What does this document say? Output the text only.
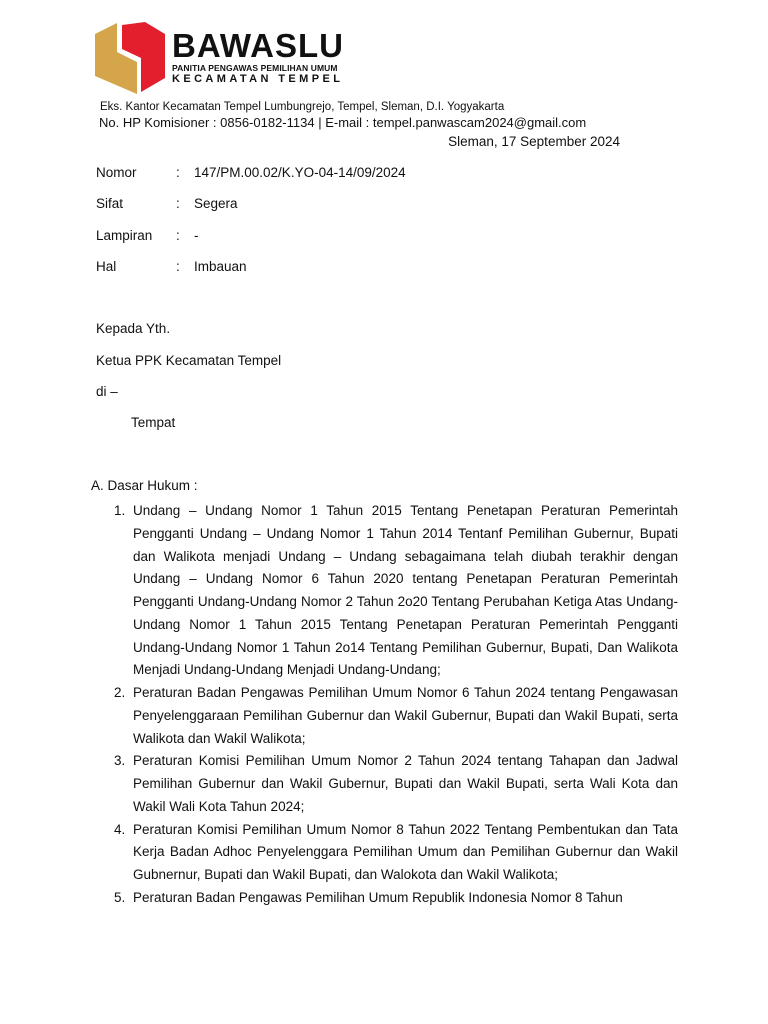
BAWASLU
PANITIA PENGAWAS PEMILIHAN UMUM
KECAMATAN TEMPEL
Eks. Kantor Kecamatan Tempel Lumbungrejo, Tempel, Sleman, D.I. Yogyakarta
No. HP Komisioner : 0856-0182-1134 | E-mail : tempel.panwascam2024@gmail.com
Sleman, 17 September 2024
Nomor	: 147/PM.00.02/K.YO-04-14/09/2024
Sifat	: Segera
Lampiran : -
Hal	: Imbauan
Kepada Yth.
Ketua PPK Kecamatan Tempel
di –
Tempat
A. Dasar Hukum :
1. Undang – Undang Nomor 1 Tahun 2015 Tentang Penetapan Peraturan Pemerintah Pengganti Undang – Undang Nomor 1 Tahun 2014 Tentanf Pemilihan Gubernur, Bupati dan Walikota menjadi Undang – Undang sebagaimana telah diubah terakhir dengan Undang – Undang Nomor 6 Tahun 2020 tentang Penetapan Peraturan Pemerintah Pengganti Undang-Undang Nomor 2 Tahun 2o20 Tentang Perubahan Ketiga Atas Undang-Undang Nomor 1 Tahun 2015 Tentang Penetapan Peraturan Pemerintah Pengganti Undang-Undang Nomor 1 Tahun 2o14 Tentang Pemilihan Gubernur, Bupati, Dan Walikota Menjadi Undang-Undang Menjadi Undang-Undang;
2. Peraturan Badan Pengawas Pemilihan Umum Nomor 6 Tahun 2024 tentang Pengawasan Penyelenggaraan Pemilihan Gubernur dan Wakil Gubernur, Bupati dan Wakil Bupati, serta Walikota dan Wakil Walikota;
3. Peraturan Komisi Pemilihan Umum Nomor 2 Tahun 2024 tentang Tahapan dan Jadwal Pemilihan Gubernur dan Wakil Gubernur, Bupati dan Wakil Bupati, serta Wali Kota dan Wakil Wali Kota Tahun 2024;
4. Peraturan Komisi Pemilihan Umum Nomor 8 Tahun 2022 Tentang Pembentukan dan Tata Kerja Badan Adhoc Penyelenggara Pemilihan Umum dan Pemilihan Gubernur dan Wakil Gubnernur, Bupati dan Wakil Bupati, dan Walokota dan Wakil Walikota;
5. Peraturan Badan Pengawas Pemilihan Umum Republik Indonesia Nomor 8 Tahun
